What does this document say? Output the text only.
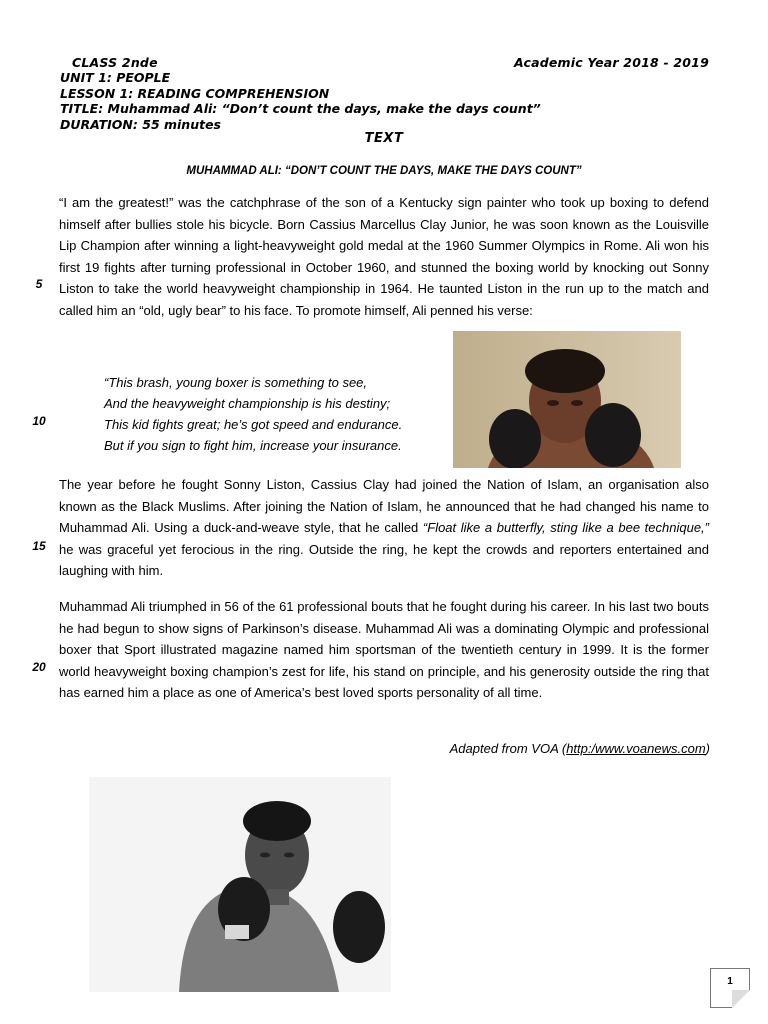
CLASS 2nde	Academic Year 2018 - 2019
UNIT 1: PEOPLE
LESSON 1: READING COMPREHENSION
TITLE: Muhammad Ali: “Don’t count the days, make the days count”
DURATION: 55 minutes
TEXT
MUHAMMAD ALI: “DON’T COUNT THE DAYS, MAKE THE DAYS COUNT”
“I am the greatest!” was the catchphrase of the son of a Kentucky sign painter who took up boxing to defend himself after bullies stole his bicycle. Born Cassius Marcellus Clay Junior, he was soon known as the Louisville Lip Champion after winning a light-heavyweight gold medal at the 1960 Summer Olympics in Rome. Ali won his first 19 fights after turning professional in October 1960, and stunned the boxing world by knocking out Sonny Liston to take the world heavyweight championship in 1964. He taunted Liston in the run up to the match and called him an “old, ugly bear” to his face. To promote himself, Ali penned his verse:
“This brash, young boxer is something to see,
And the heavyweight championship is his destiny;
This kid fights great; he’s got speed and endurance.
But if you sign to fight him, increase your insurance.
The year before he fought Sonny Liston, Cassius Clay had joined the Nation of Islam, an organisation also known as the Black Muslims. After joining the Nation of Islam, he announced that he had changed his name to Muhammad Ali. Using a duck-and-weave style, that he called “Float like a butterfly, sting like a bee technique,” he was graceful yet ferocious in the ring. Outside the ring, he kept the crowds and reporters entertained and laughing with him.
Muhammad Ali triumphed in 56 of the 61 professional bouts that he fought during his career. In his last two bouts he had begun to show signs of Parkinson’s disease. Muhammad Ali was a dominating Olympic and professional boxer that Sport illustrated magazine named him sportsman of the twentieth century in 1999. It is the former world heavyweight boxing champion’s zest for life, his stand on principle, and his generosity outside the ring that has earned him a place as one of America’s best loved sports personality of all time.
5
10
15
20
Adapted from VOA (http:/www.voanews.com)
1
